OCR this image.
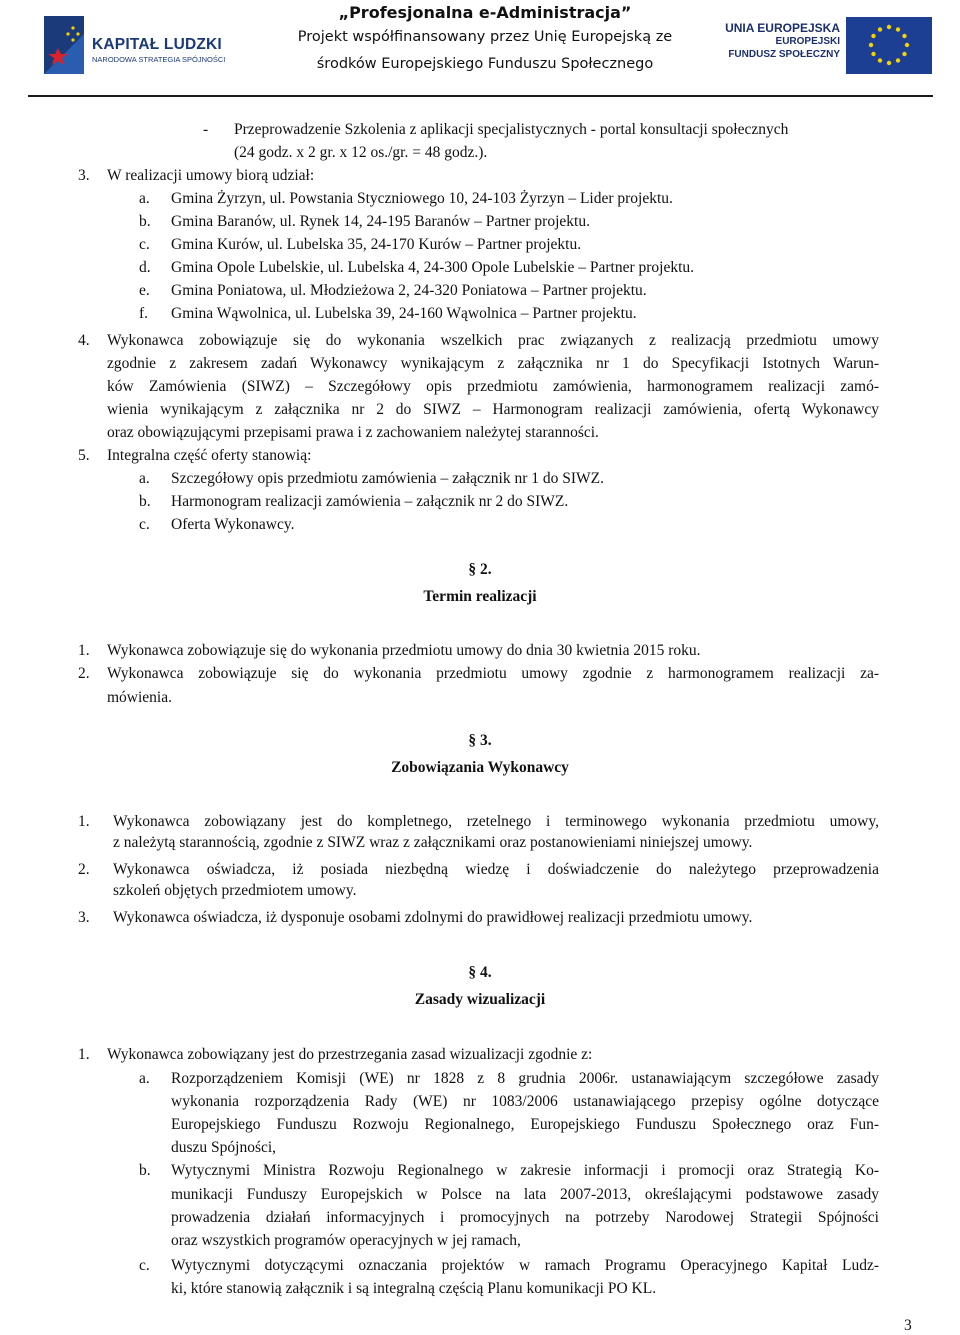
KAPITAŁ LUDZKI
NARODOWA STRATEGIA SPÓJNOŚCI
„Profesjonalna e-Administracja”
Projekt współfinansowany przez Unię Europejską ze
środków Europejskiego Funduszu Społecznego
UNIA EUROPEJSKA
EUROPEJSKI
FUNDUSZ SPOŁECZNY
- Przeprowadzenie Szkolenia z aplikacji specjalistycznych - portal konsultacji społecznych
(24 godz. x 2 gr. x 12 os./gr. = 48 godz.).
3. W realizacji umowy biorą udział:
a. Gmina Żyrzyn, ul. Powstania Styczniowego 10, 24-103 Żyrzyn – Lider projektu.
b. Gmina Baranów, ul. Rynek 14, 24-195 Baranów – Partner projektu.
c. Gmina Kurów, ul. Lubelska 35, 24-170 Kurów – Partner projektu.
d. Gmina Opole Lubelskie, ul. Lubelska 4, 24-300 Opole Lubelskie – Partner projektu.
e. Gmina Poniatowa, ul. Młodzieżowa 2, 24-320 Poniatowa – Partner projektu.
f. Gmina Wąwolnica, ul. Lubelska 39, 24-160 Wąwolnica – Partner projektu.
4. Wykonawca zobowiązuje się do wykonania wszelkich prac związanych z realizacją przedmiotu umowy
zgodnie z zakresem zadań Wykonawcy wynikającym z załącznika nr 1 do Specyfikacji Istotnych Warun-
ków Zamówienia (SIWZ) – Szczegółowy opis przedmiotu zamówienia, harmonogramem realizacji zamó-
wienia wynikającym z załącznika nr 2 do SIWZ – Harmonogram realizacji zamówienia, ofertą Wykonawcy
oraz obowiązującymi przepisami prawa i z zachowaniem należytej staranności.
5. Integralna część oferty stanowią:
a. Szczegółowy opis przedmiotu zamówienia – załącznik nr 1 do SIWZ.
b. Harmonogram realizacji zamówienia – załącznik nr 2 do SIWZ.
c. Oferta Wykonawcy.
§ 2.
Termin realizacji
1. Wykonawca zobowiązuje się do wykonania przedmiotu umowy do dnia 30 kwietnia 2015 roku.
2. Wykonawca zobowiązuje się do wykonania przedmiotu umowy zgodnie z harmonogramem realizacji za-
mówienia.
§ 3.
Zobowiązania Wykonawcy
1. Wykonawca zobowiązany jest do kompletnego, rzetelnego i terminowego wykonania przedmiotu umowy,
z należytą starannością, zgodnie z SIWZ wraz z załącznikami oraz postanowieniami niniejszej umowy.
2. Wykonawca oświadcza, iż posiada niezbędną wiedzę i doświadczenie do należytego przeprowadzenia
szkoleń objętych przedmiotem umowy.
3. Wykonawca oświadcza, iż dysponuje osobami zdolnymi do prawidłowej realizacji przedmiotu umowy.
§ 4.
Zasady wizualizacji
1. Wykonawca zobowiązany jest do przestrzegania zasad wizualizacji zgodnie z:
a. Rozporządzeniem Komisji (WE) nr 1828 z 8 grudnia 2006r. ustanawiającym szczegółowe zasady
wykonania rozporządzenia Rady (WE) nr 1083/2006 ustanawiającego przepisy ogólne dotyczące
Europejskiego Funduszu Rozwoju Regionalnego, Europejskiego Funduszu Społecznego oraz Fun-
duszu Spójności,
b. Wytycznymi Ministra Rozwoju Regionalnego w zakresie informacji i promocji oraz Strategią Ko-
munikacji Funduszy Europejskich w Polsce na lata 2007-2013, określającymi podstawowe zasady
prowadzenia działań informacyjnych i promocyjnych na potrzeby Narodowej Strategii Spójności
oraz wszystkich programów operacyjnych w jej ramach,
c. Wytycznymi dotyczącymi oznaczania projektów w ramach Programu Operacyjnego Kapitał Ludz-
ki, które stanowią załącznik i są integralną częścią Planu komunikacji PO KL.
3
